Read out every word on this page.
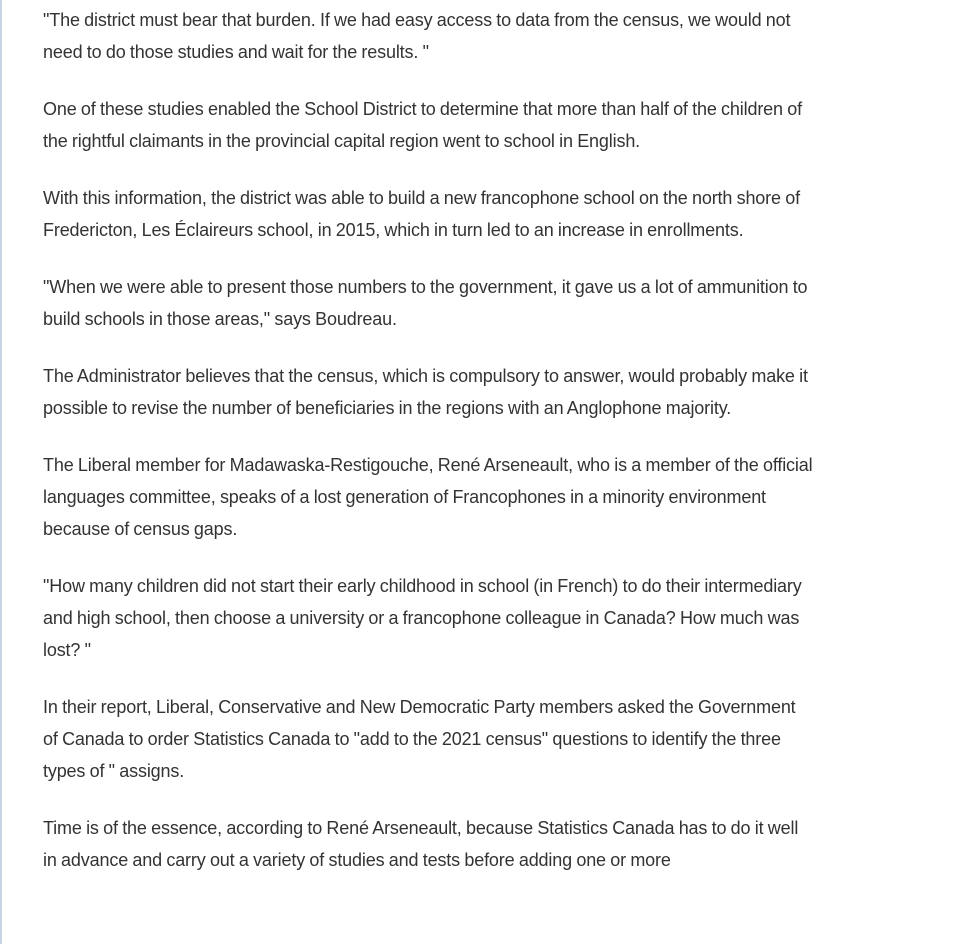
"The district must bear that burden. If we had easy access to data from the census, we would not need to do those studies and wait for the results. "

One of these studies enabled the School District to determine that more than half of the children of the rightful claimants in the provincial capital region went to school in English.

With this information, the district was able to build a new francophone school on the north shore of Fredericton, Les Éclaireurs school, in 2015, which in turn led to an increase in enrollments.

"When we were able to present those numbers to the government, it gave us a lot of ammunition to build schools in those areas," says Boudreau.

The Administrator believes that the census, which is compulsory to answer, would probably make it possible to revise the number of beneficiaries in the regions with an Anglophone majority.

The Liberal member for Madawaska-Restigouche, René Arseneault, who is a member of the official languages committee, speaks of a lost generation of Francophones in a minority environment because of census gaps.

"How many children did not start their early childhood in school (in French) to do their intermediary and high school, then choose a university or a francophone colleague in Canada? How much was lost? "

In their report, Liberal, Conservative and New Democratic Party members asked the Government of Canada to order Statistics Canada to "add to the 2021 census" questions to identify the three types of " assigns.

Time is of the essence, according to René Arseneault, because Statistics Canada has to do it well in advance and carry out a variety of studies and tests before adding one or more
